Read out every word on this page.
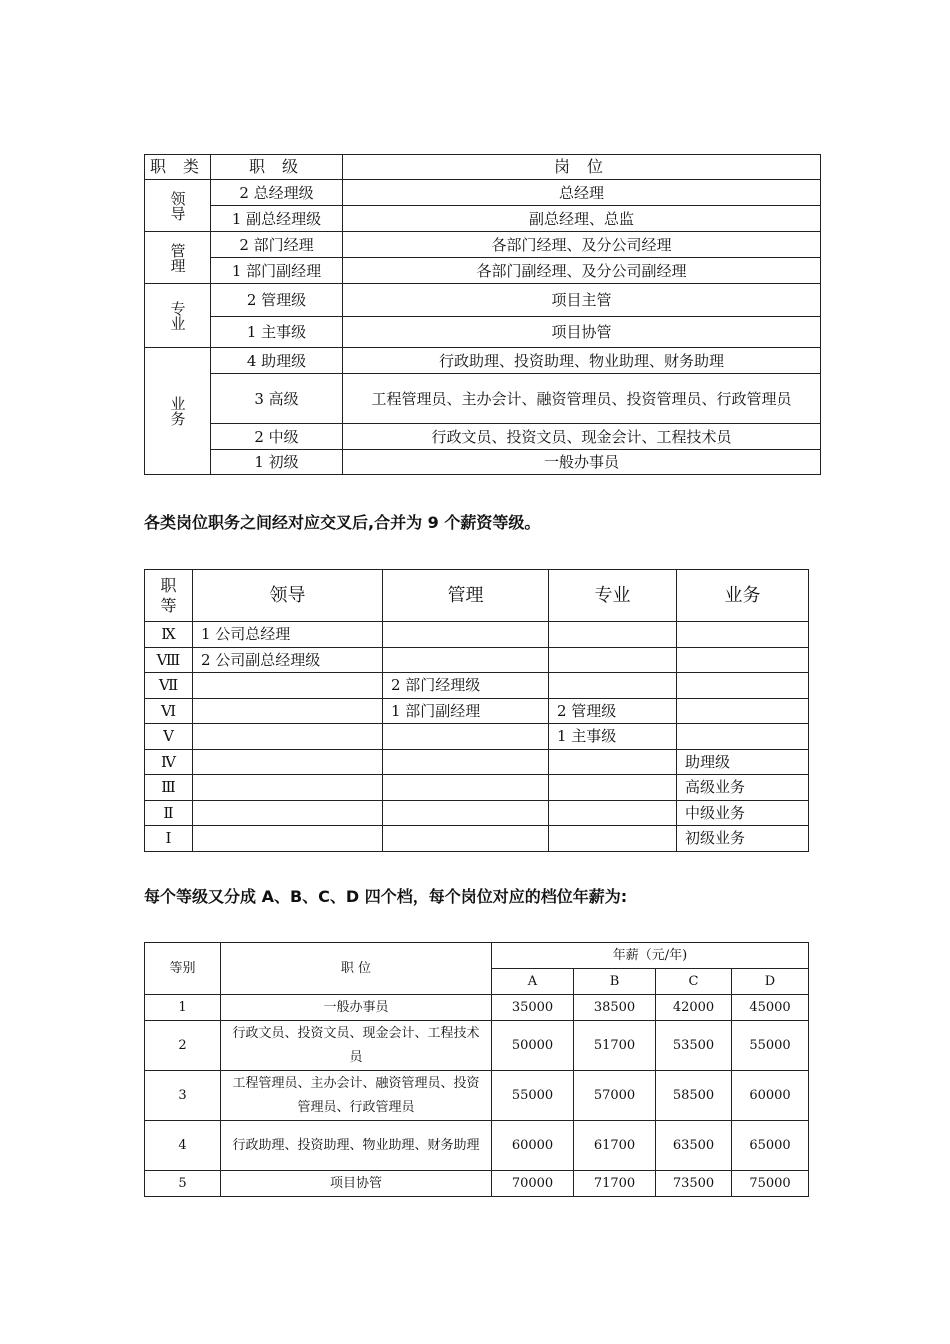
职 类	职 级	岗 位
领导	2 总经理级	总经理
	1 副总经理级	副总经理、总监
管理	2 部门经理	各部门经理、及分公司经理
	1 部门副经理	各部门副经理、及分公司副经理
专业	2 管理级	项目主管
	1 主事级	项目协管
业务	4 助理级	行政助理、投资助理、物业助理、财务助理
	3 高级	工程管理员、主办会计、融资管理员、投资管理员、行政管理员
	2 中级	行政文员、投资文员、现金会计、工程技术员
	1 初级	一般办事员

各类岗位职务之间经对应交叉后,合并为 9 个薪资等级。

职等	领导	管理	专业	业务
Ⅸ	1 公司总经理			
Ⅷ	2 公司副总经理级			
Ⅶ		2 部门经理级		
Ⅵ		1 部门副经理	2 管理级	
Ⅴ			1 主事级	
Ⅳ				助理级
Ⅲ				高级业务
Ⅱ				中级业务
Ⅰ				初级业务

每个等级又分成 A、B、C、D 四个档，每个岗位对应的档位年薪为:

等别	职 位	年薪（元/年)			
		A	B	C	D
1	一般办事员	35000	38500	42000	45000
2	行政文员、投资文员、现金会计、工程技术员	50000	51700	53500	55000
3	工程管理员、主办会计、融资管理员、投资管理员、行政管理员	55000	57000	58500	60000
4	行政助理、投资助理、物业助理、财务助理	60000	61700	63500	65000
5	项目协管	70000	71700	73500	75000
